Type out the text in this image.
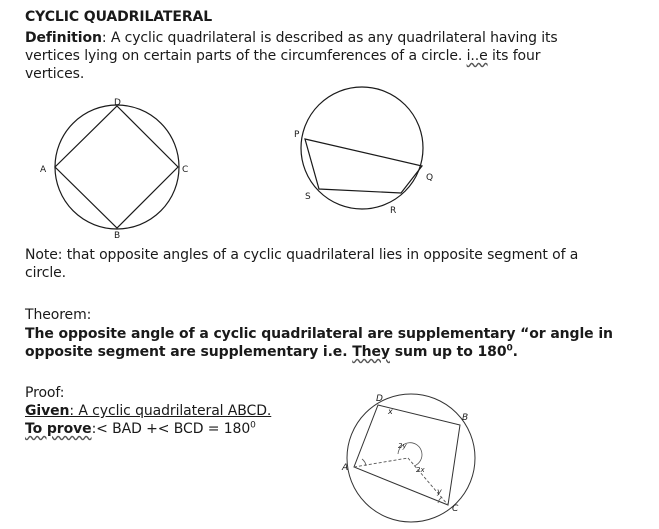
CYCLIC QUADRILATERAL
Definition: A cyclic quadrilateral is described as any quadrilateral having its
vertices lying on certain parts of the circumferences of a circle. i..e its four
vertices.
D
A	C
B
P
Q
R
S
D
x
B
A
C
y
2y
2x
Note: that opposite angles of a cyclic quadrilateral lies in opposite segment of a
circle.
Theorem:
The opposite angle of a cyclic quadrilateral are supplementary “or angle in
opposite segment are supplementary i.e. They sum up to $180^0$.
Proof:
Given: A cyclic quadrilateral ABCD.
To prove:< BAD +< BCD = $180^0$
